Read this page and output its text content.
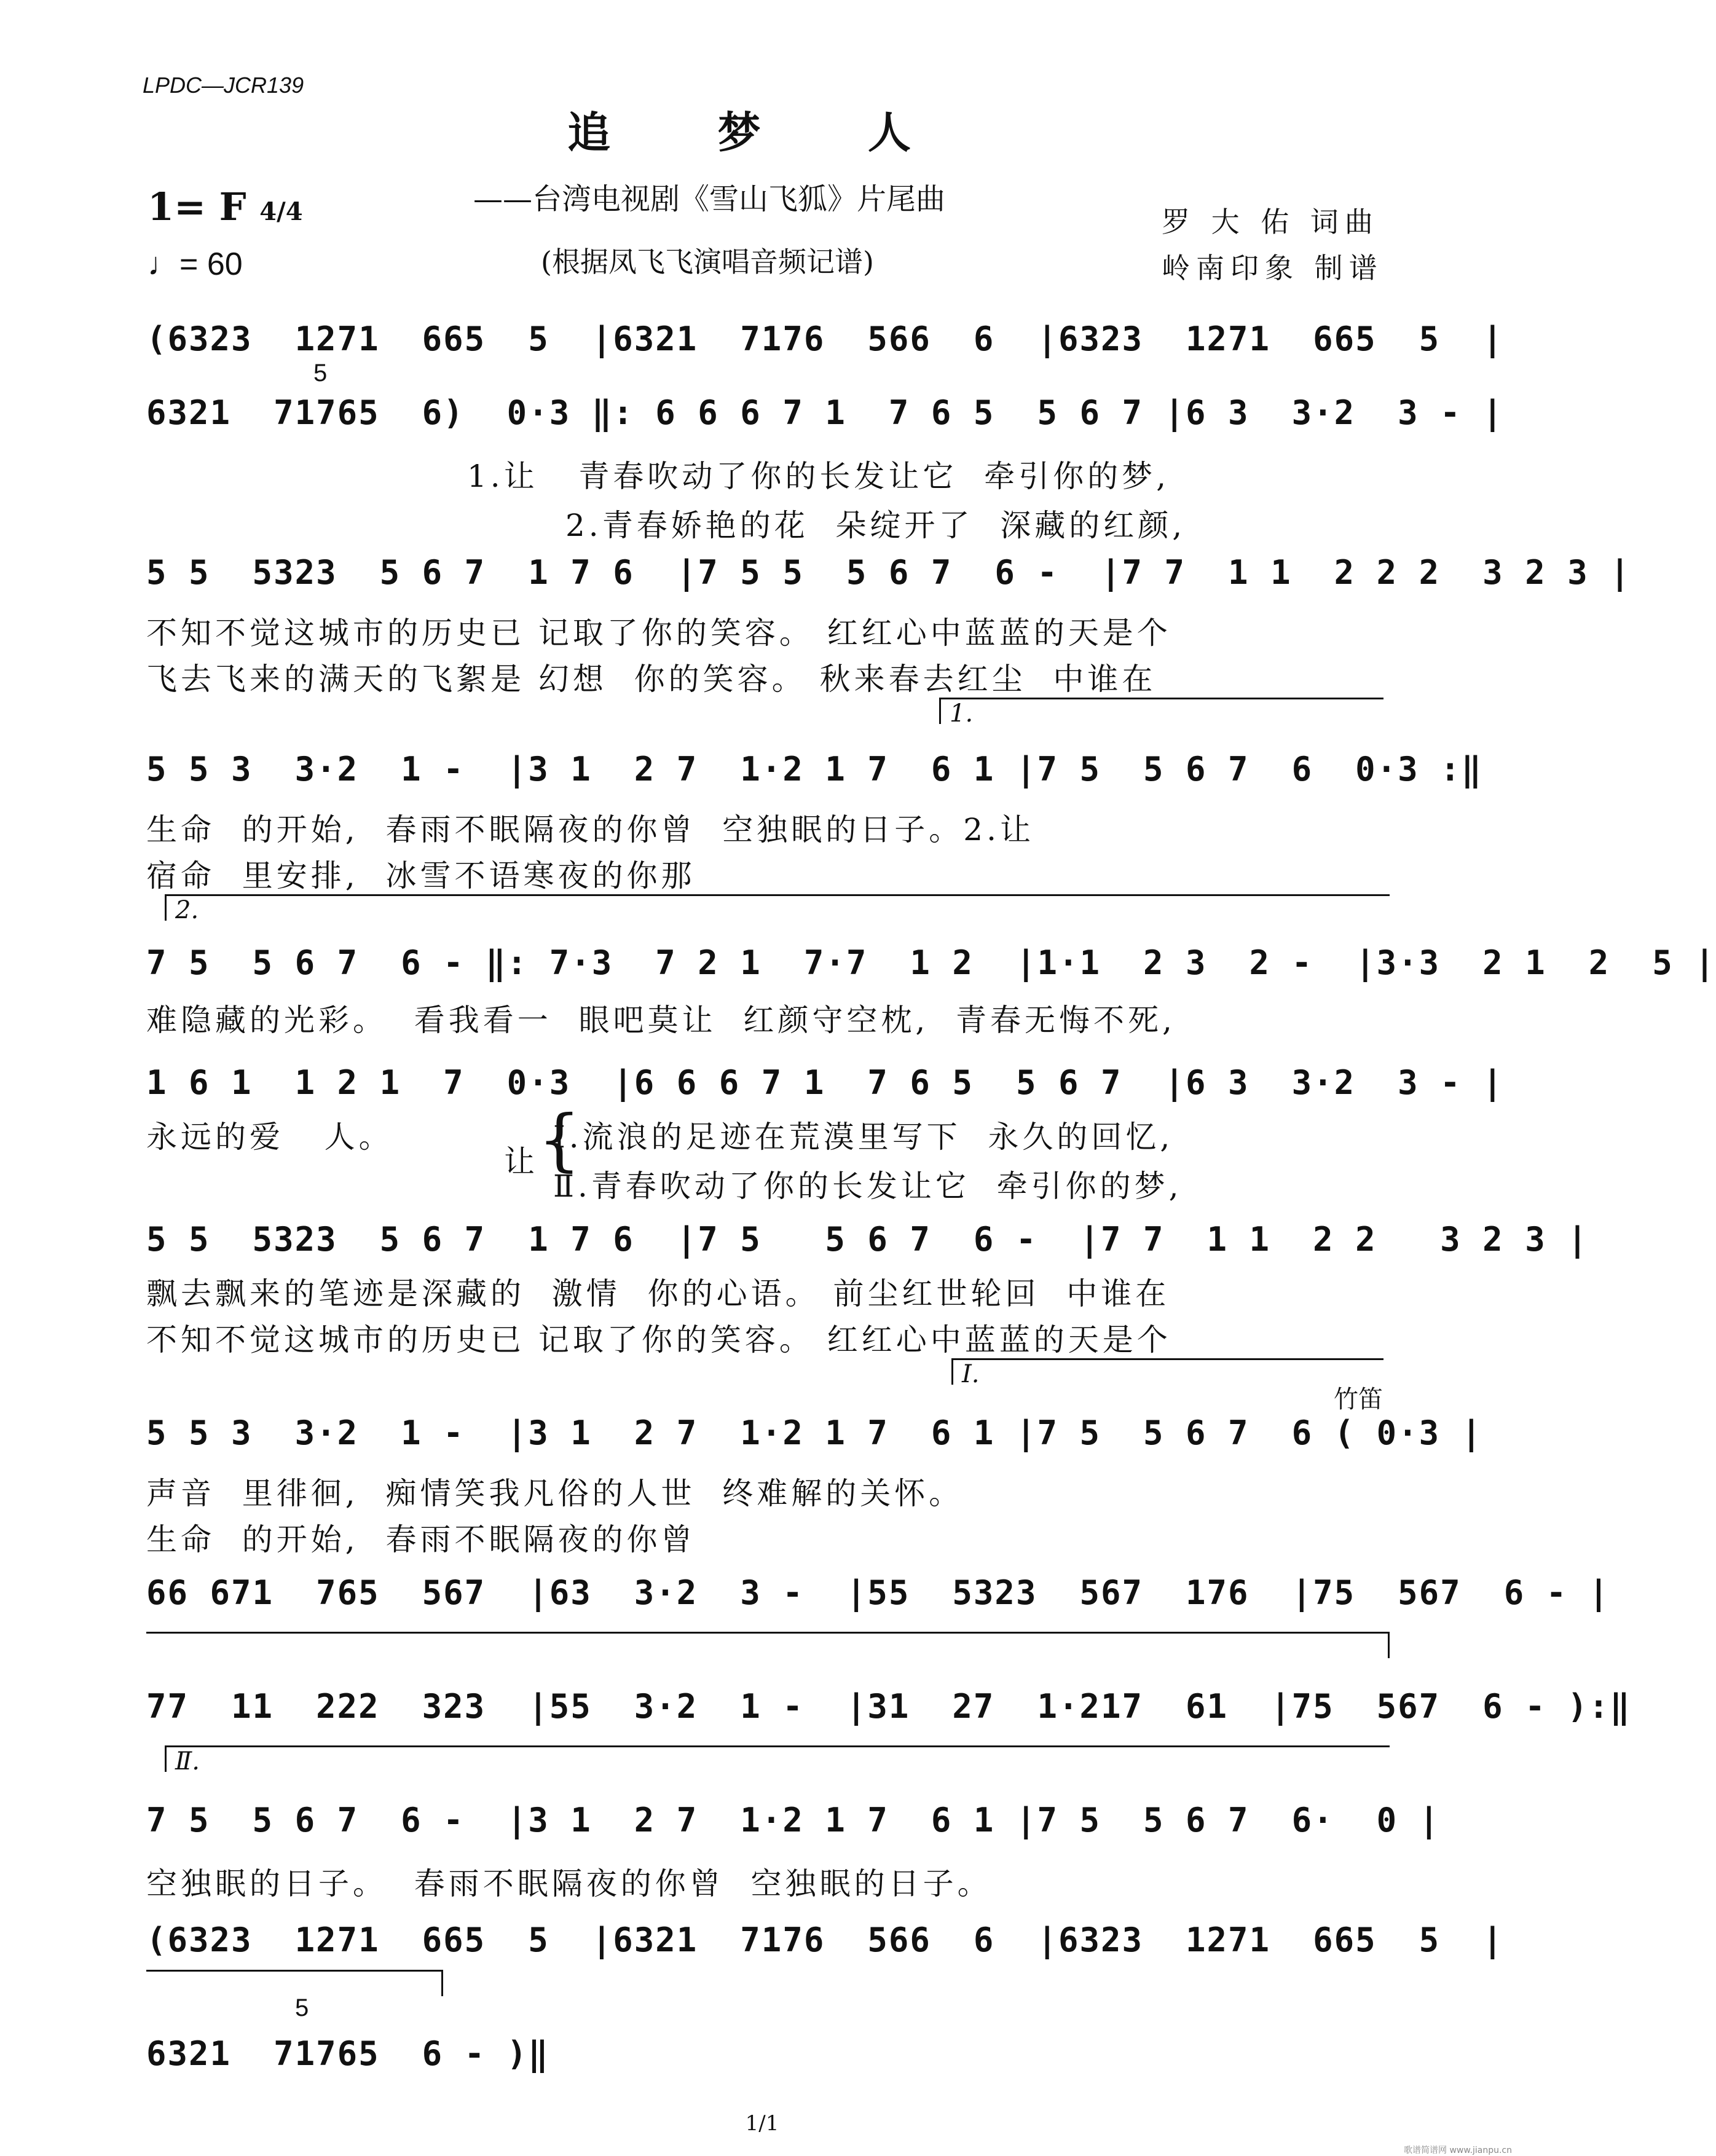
LPDC—JCR139
追 梦 人
——台湾电视剧《雪山飞狐》片尾曲
(根据凤飞飞演唱音频记谱)
罗 大 佑 词曲
岭南印象 制谱
1= F 4/4
♩= 60
(6323  1271  665  5  |6321  7176  566  6  |6323  1271  665  5  |
5
6321  71765  6)  0·3 ‖: 6 6 6 7 1  7 6 5  5 6 7 |6 3  3·2  3 - |
1.让   青春吹动了你的长发让它  牵引你的梦,
2.青春娇艳的花  朵绽开了  深藏的红颜,
5 5  5323  5 6 7  1 7 6  |7 5 5  5 6 7  6 -  |7 7  1 1  2 2 2  3 2 3 |
不知不觉这城市的历史已 记取了你的笑容。 红红心中蓝蓝的天是个
飞去飞来的满天的飞絮是 幻想  你的笑容。 秋来春去红尘  中谁在
1.
5 5 3  3·2  1 -  |3 1  2 7  1·2 1 7  6 1 |7 5  5 6 7  6  0·3 :‖
生命  的开始,  春雨不眠隔夜的你曾  空独眠的日子。2.让
宿命  里安排,  冰雪不语寒夜的你那
2.
7 5  5 6 7  6 - ‖: 7·3  7 2 1  7·7  1 2  |1·1  2 3  2 -  |3·3  2 1  2  5 |
难隐藏的光彩。  看我看一  眼吧莫让  红颜守空枕,  青春无悔不死,
1 6 1  1 2 1  7  0·3  |6 6 6 7 1  7 6 5  5 6 7  |6 3  3·2  3 - |
永远的爱   人。
让 {
Ⅰ.流浪的足迹在荒漠里写下  永久的回忆,
Ⅱ.青春吹动了你的长发让它  牵引你的梦,
5 5  5323  5 6 7  1 7 6  |7 5   5 6 7  6 -  |7 7  1 1  2 2   3 2 3 |
飘去飘来的笔迹是深藏的  激情  你的心语。 前尘红世轮回  中谁在
不知不觉这城市的历史已 记取了你的笑容。 红红心中蓝蓝的天是个
Ⅰ.
竹笛
5 5 3  3·2  1 -  |3 1  2 7  1·2 1 7  6 1 |7 5  5 6 7  6 ( 0·3 |
声音  里徘徊,  痴情笑我凡俗的人世  终难解的关怀。
生命  的开始,  春雨不眠隔夜的你曾
66 671  765  567  |63  3·2  3 -  |55  5323  567  176  |75  567  6 - |
77  11  222  323  |55  3·2  1 -  |31  27  1·217  61  |75  567  6 - ):‖
Ⅱ.
7 5  5 6 7  6 -  |3 1  2 7  1·2 1 7  6 1 |7 5  5 6 7  6·  0 |
空独眠的日子。  春雨不眠隔夜的你曾  空独眠的日子。
(6323  1271  665  5  |6321  7176  566  6  |6323  1271  665  5  |
5
6321  71765  6 - )‖
1/1
歌谱简谱网 www.jianpu.cn
